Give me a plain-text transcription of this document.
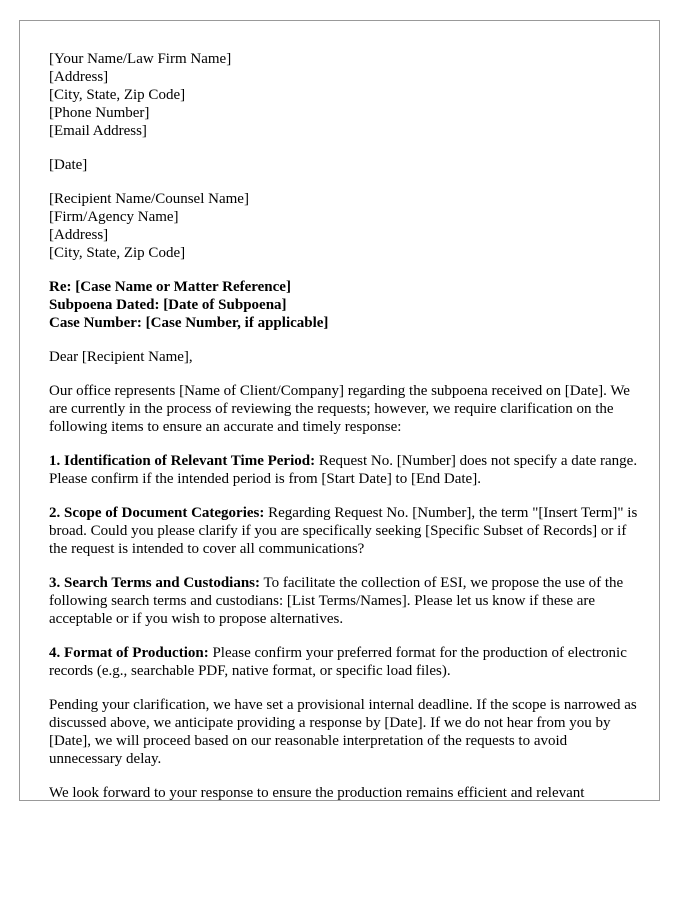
[Your Name/Law Firm Name]
[Address]
[City, State, Zip Code]
[Phone Number]
[Email Address]
[Date]
[Recipient Name/Counsel Name]
[Firm/Agency Name]
[Address]
[City, State, Zip Code]
Re: [Case Name or Matter Reference]
Subpoena Dated: [Date of Subpoena]
Case Number: [Case Number, if applicable]
Dear [Recipient Name],
Our office represents [Name of Client/Company] regarding the subpoena received on [Date]. We are currently in the process of reviewing the requests; however, we require clarification on the following items to ensure an accurate and timely response:
1. Identification of Relevant Time Period: Request No. [Number] does not specify a date range. Please confirm if the intended period is from [Start Date] to [End Date].
2. Scope of Document Categories: Regarding Request No. [Number], the term "[Insert Term]" is broad. Could you please clarify if you are specifically seeking [Specific Subset of Records] or if the request is intended to cover all communications?
3. Search Terms and Custodians: To facilitate the collection of ESI, we propose the use of the following search terms and custodians: [List Terms/Names]. Please let us know if these are acceptable or if you wish to propose alternatives.
4. Format of Production: Please confirm your preferred format for the production of electronic records (e.g., searchable PDF, native format, or specific load files).
Pending your clarification, we have set a provisional internal deadline. If the scope is narrowed as discussed above, we anticipate providing a response by [Date]. If we do not hear from you by [Date], we will proceed based on our reasonable interpretation of the requests to avoid unnecessary delay.
We look forward to your response to ensure the production remains efficient and relevant
